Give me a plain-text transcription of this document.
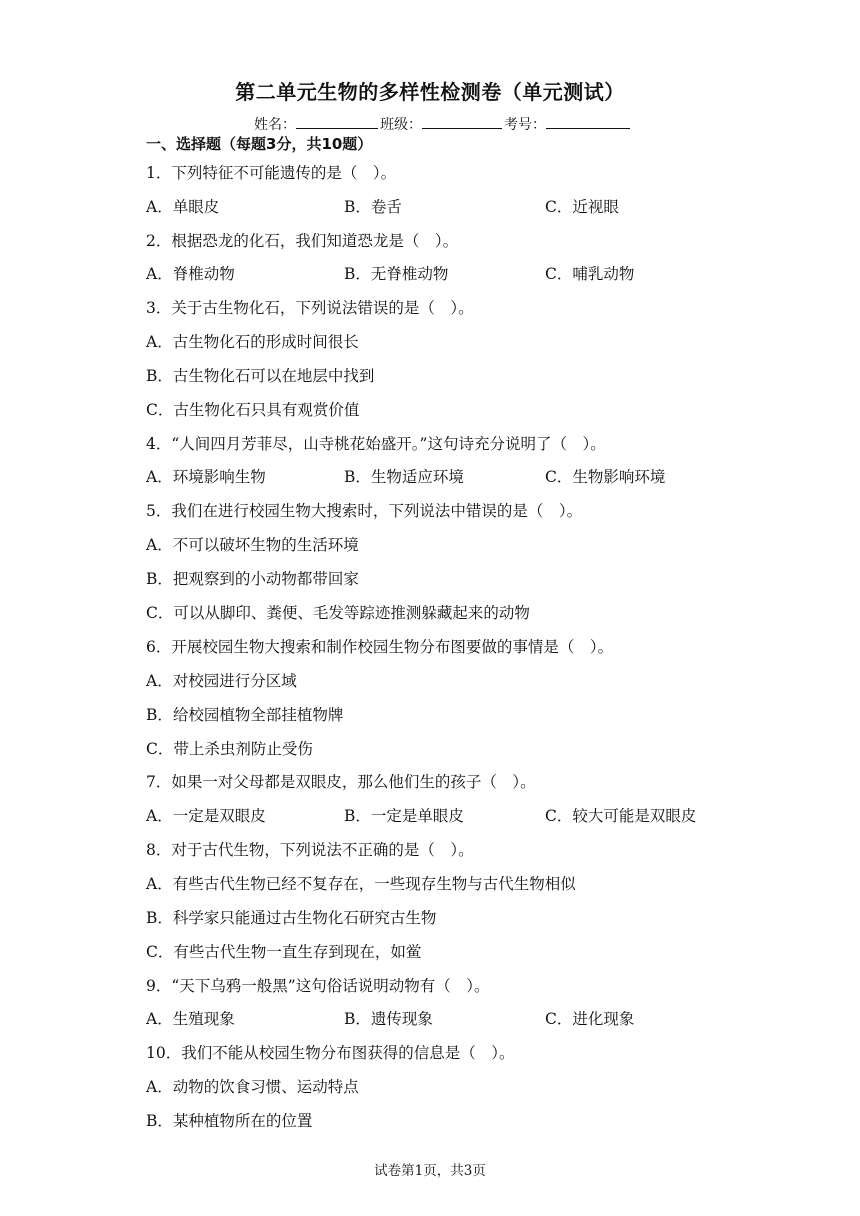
第二单元生物的多样性检测卷（单元测试）
姓名：	班级：	考号：
一、选择题（每题3分，共10题）
1．下列特征不可能遗传的是（　）。
A．单眼皮	B．卷舌	C．近视眼
2．根据恐龙的化石，我们知道恐龙是（　）。
A．脊椎动物	B．无脊椎动物	C．哺乳动物
3．关于古生物化石，下列说法错误的是（　）。
A．古生物化石的形成时间很长
B．古生物化石可以在地层中找到
C．古生物化石只具有观赏价值
4．“人间四月芳菲尽，山寺桃花始盛开。”这句诗充分说明了（　）。
A．环境影响生物	B．生物适应环境	C．生物影响环境
5．我们在进行校园生物大搜索时，下列说法中错误的是（　）。
A．不可以破坏生物的生活环境
B．把观察到的小动物都带回家
C．可以从脚印、粪便、毛发等踪迹推测躲藏起来的动物
6．开展校园生物大搜索和制作校园生物分布图要做的事情是（　）。
A．对校园进行分区域
B．给校园植物全部挂植物牌
C．带上杀虫剂防止受伤
7．如果一对父母都是双眼皮，那么他们生的孩子（　）。
A．一定是双眼皮	B．一定是单眼皮	C．较大可能是双眼皮
8．对于古代生物，下列说法不正确的是（　）。
A．有些古代生物已经不复存在，一些现存生物与古代生物相似
B．科学家只能通过古生物化石研究古生物
C．有些古代生物一直生存到现在，如鲎
9．“天下乌鸦一般黑”这句俗话说明动物有（　）。
A．生殖现象	B．遗传现象	C．进化现象
10．我们不能从校园生物分布图获得的信息是（　）。
A．动物的饮食习惯、运动特点
B．某种植物所在的位置
试卷第1页，共3页
